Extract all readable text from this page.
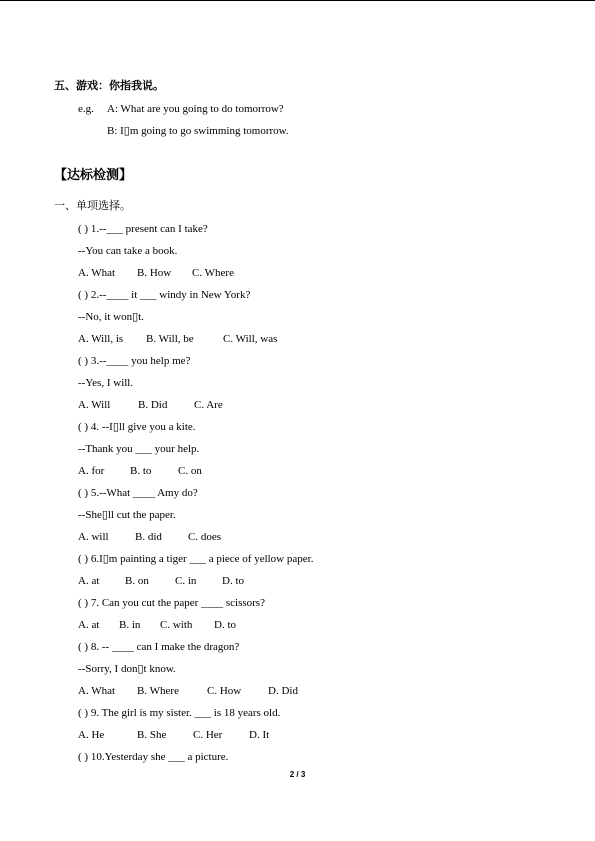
五、游戏：你指我说。
e.g. A: What are you going to do tomorrow?
B: I▯m going to go swimming tomorrow.
【达标检测】
一、单项选择。
( ) 1.--___ present can I take?
--You can take a book.
A. What B. How C. Where
( ) 2.--____ it ___ windy in New York?
--No, it won▯t.
A. Will, is B. Will, be	C. Will, was
( ) 3.--____ you help me?
--Yes, I will.
A. Will	B. Did C. Are
( ) 4. --I▯ll give you a kite.
--Thank you ___ your help.
A. for B. to C. on
( ) 5.--What ____ Amy do?
--She▯ll cut the paper.
A. will B. did C. does
( ) 6.I▯m painting a tiger ___ a piece of yellow paper.
A. at B. on C. in D. to
( ) 7. Can you cut the paper ____ scissors?
A. at B. in C. with D. to
( ) 8. -- ____ can I make the dragon?
--Sorry, I don▯t know.
A. What B. Where	C. How D. Did
( ) 9. The girl is my sister. ___ is 18 years old.
A. He	B. She C. Her D. It
( ) 10.Yesterday she ___ a picture.
2 / 3
